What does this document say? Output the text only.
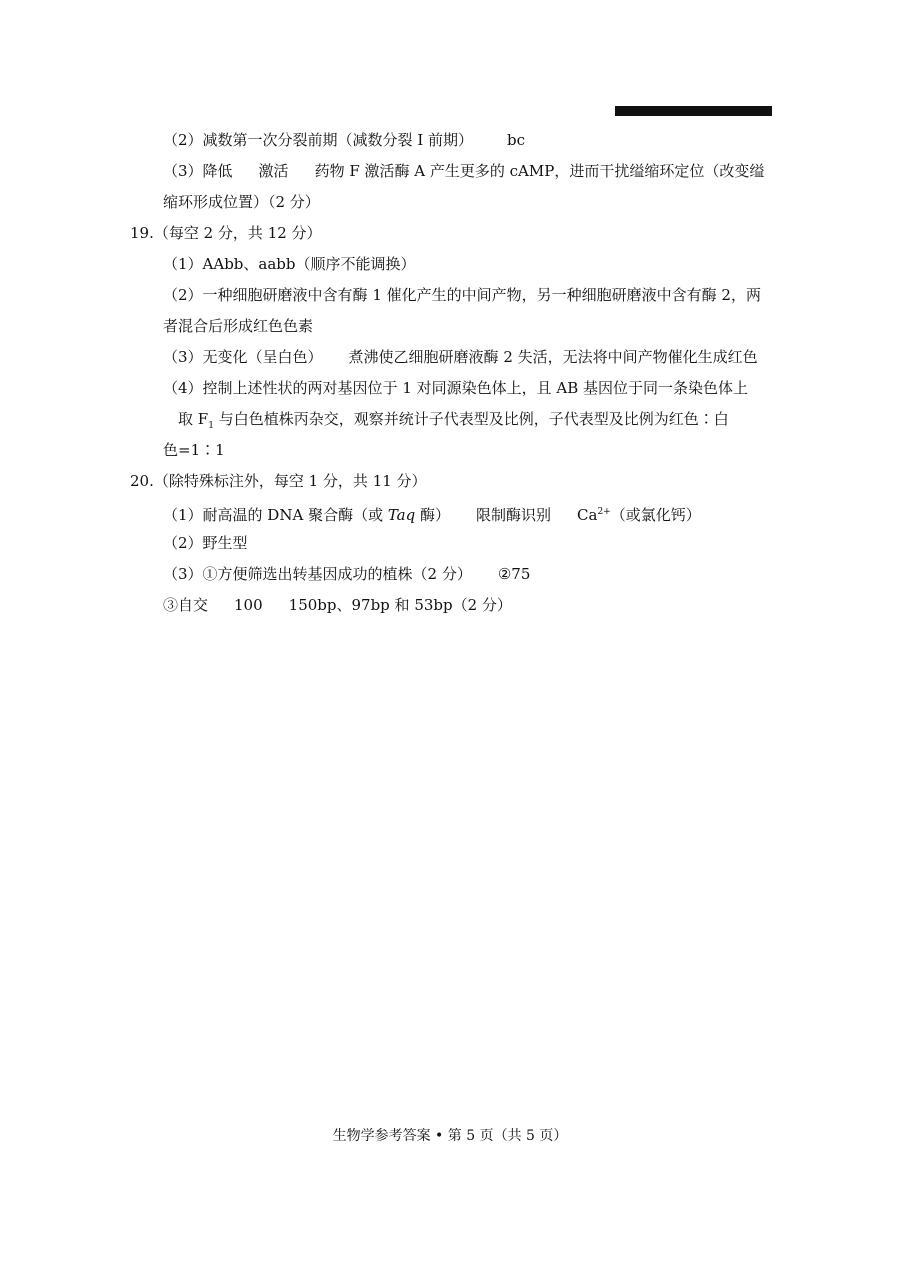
（2）减数第一次分裂前期（减数分裂 I 前期） bc
（3）降低 激活 药物 F 激活酶 A 产生更多的 cAMP，进而干扰缢缩环定位（改变缢
缩环形成位置）（2 分）
19.（每空 2 分，共 12 分）
（1）AAbb、aabb（顺序不能调换）
（2）一种细胞研磨液中含有酶 1 催化产生的中间产物，另一种细胞研磨液中含有酶 2，两
者混合后形成红色色素
（3）无变化（呈白色） 煮沸使乙细胞研磨液酶 2 失活，无法将中间产物催化生成红色
（4）控制上述性状的两对基因位于 1 对同源染色体上，且 AB 基因位于同一条染色体上
取 $F_1$ 与白色植株丙杂交，观察并统计子代表型及比例，子代表型及比例为红色∶白
色=1∶1
20.（除特殊标注外，每空 1 分，共 11 分）
（1）耐高温的 DNA 聚合酶（或 Taq 酶） 限制酶识别 $Ca^{2+}$（或氯化钙）
（2）野生型
（3）①方便筛选出转基因成功的植株（2 分） ②75
③自交 100 150bp、97bp 和 53bp（2 分）
生物学参考答案 • 第 5 页（共 5 页）
